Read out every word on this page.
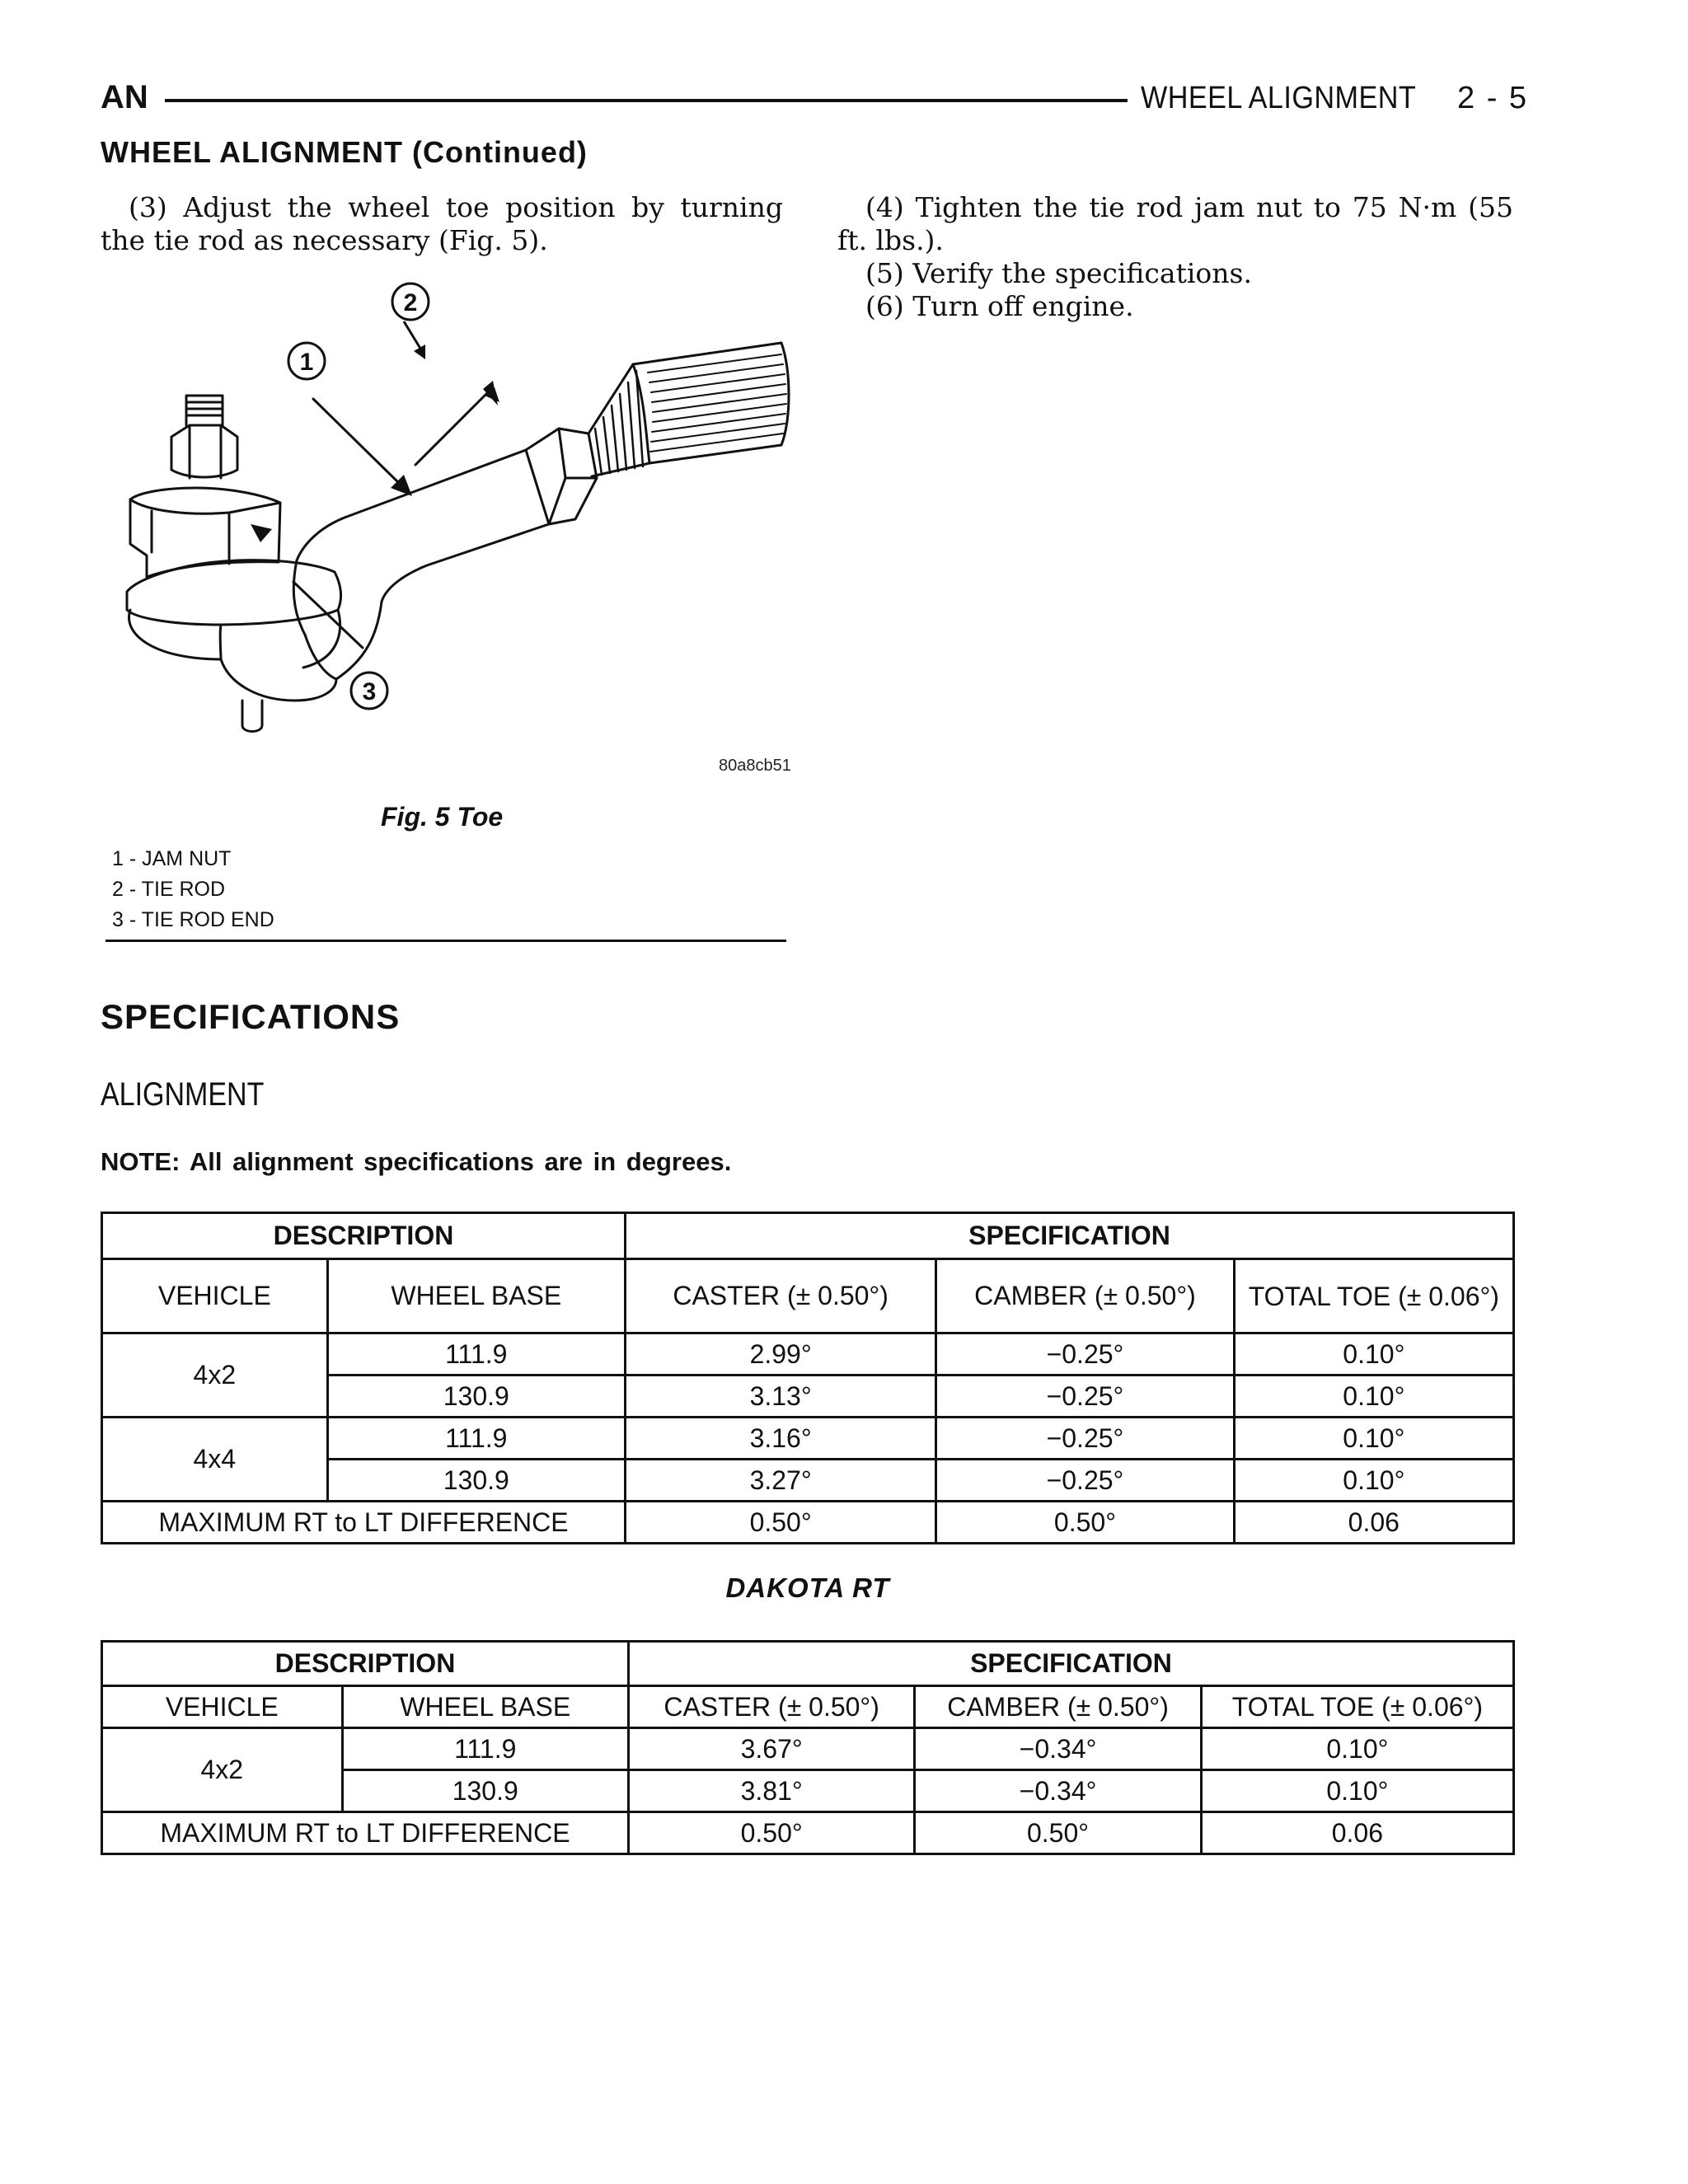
AN	WHEEL ALIGNMENT 2 - 5
WHEEL ALIGNMENT (Continued)

(3) Adjust the wheel toe position by turning the tie rod as necessary (Fig. 5).

(4) Tighten the tie rod jam nut to 75 N·m (55 ft. lbs.).

(5) Verify the specifications.

(6) Turn off engine.

2
1
3
80a8cb51
Fig. 5 Toe
1 - JAM NUT
2 - TIE ROD
3 - TIE ROD END
SPECIFICATIONS
ALIGNMENT
NOTE: All alignment specifications are in degrees.
DESCRIPTION		SPECIFICATION		
VEHICLE	WHEEL BASE	CASTER (± 0.50°)	CAMBER (± 0.50°)	TOTAL TOE (± 0.06°)
4x2	111.9	2.99°	−0.25°	0.10°
	130.9	3.13°	−0.25°	0.10°
4x4	111.9	3.16°	−0.25°	0.10°
	130.9	3.27°	−0.25°	0.10°
MAXIMUM RT to LT DIFFERENCE		0.50°	0.50°	0.06
DAKOTA RT
DESCRIPTION		SPECIFICATION		
VEHICLE	WHEEL BASE	CASTER (± 0.50°)	CAMBER (± 0.50°)	TOTAL TOE (± 0.06°)
4x2	111.9	3.67°	−0.34°	0.10°
	130.9	3.81°	−0.34°	0.10°
MAXIMUM RT to LT DIFFERENCE		0.50°	0.50°	0.06
